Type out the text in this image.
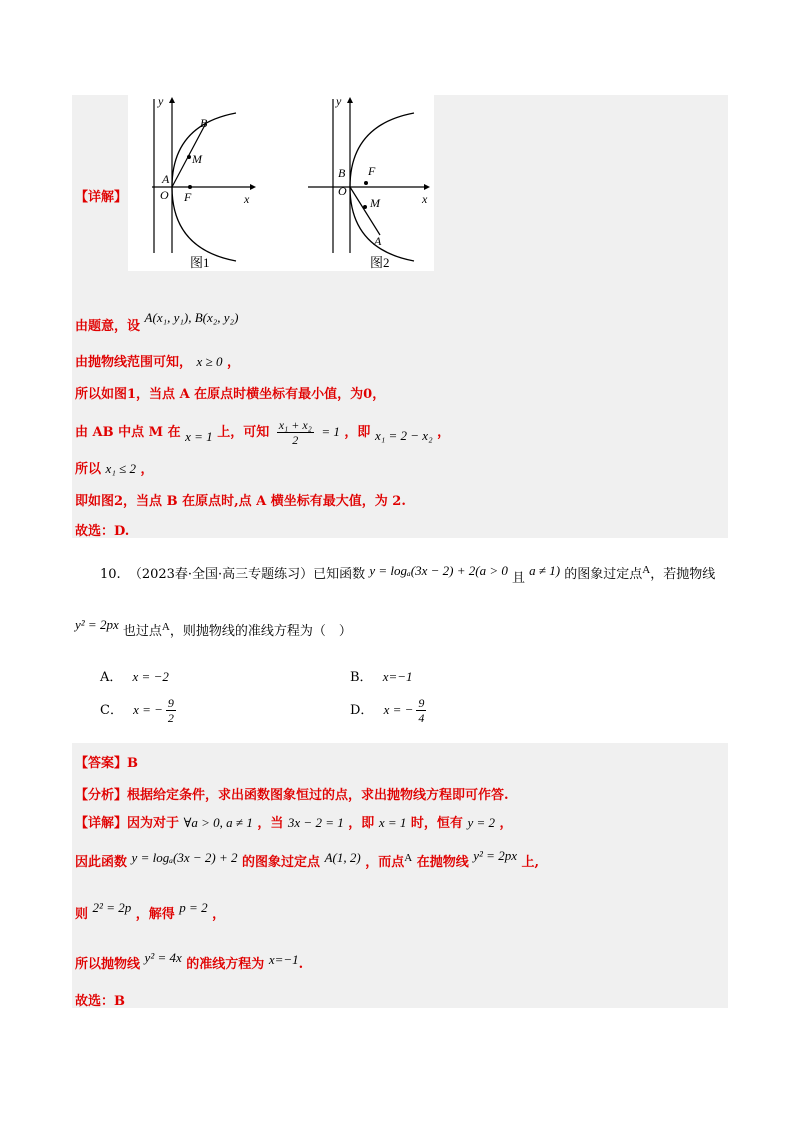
【详解】
y
x
B
M
A
O F
图1
y
x
B F
O
M
A
图2
由题意，设 A(x₁, y₁), B(x₂, y₂)
由抛物线范围可知， x ≥ 0 ，
所以如图1，当点 A 在原点时横坐标有最小值，为0，
由 AB 中点 M 在 x = 1 上，可知 $\frac{\text{x₁ + x₂}}{2} = 1$ ，即 x₁ = 2 − x₂ ，
所以 x₁ ≤ 2 ，
即如图2，当点 B 在原点时,点 A 横坐标有最大值，为 2.
故选：D.
10. （2023春·全国·高三专题练习）已知函数 y = logₐ(3x − 2) + 2(a > 0 且 a ≠ 1) 的图象过定点$^A$，若抛物线
y² = 2px 也过点$^A$，则抛物线的准线方程为（　）
A． x = −2	B． x=−1
C． x = − $\frac{9}{2}$	D． x = − $\frac{9}{4}$
【答案】B
【分析】根据给定条件，求出函数图象恒过的点，求出抛物线方程即可作答.
【详解】因为对于 ∀a > 0, a ≠ 1 ，当 3x − 2 = 1 ，即 x = 1 时，恒有 y = 2 ，
因此函数 y = logₐ(3x − 2) + 2 的图象过定点 A(1, 2) ，而点$^A$ 在抛物线 y² = 2px 上,
则 2² = 2p ，解得 p = 2 ，
所以抛物线 y² = 4x 的准线方程为 x=−1.
故选：B
